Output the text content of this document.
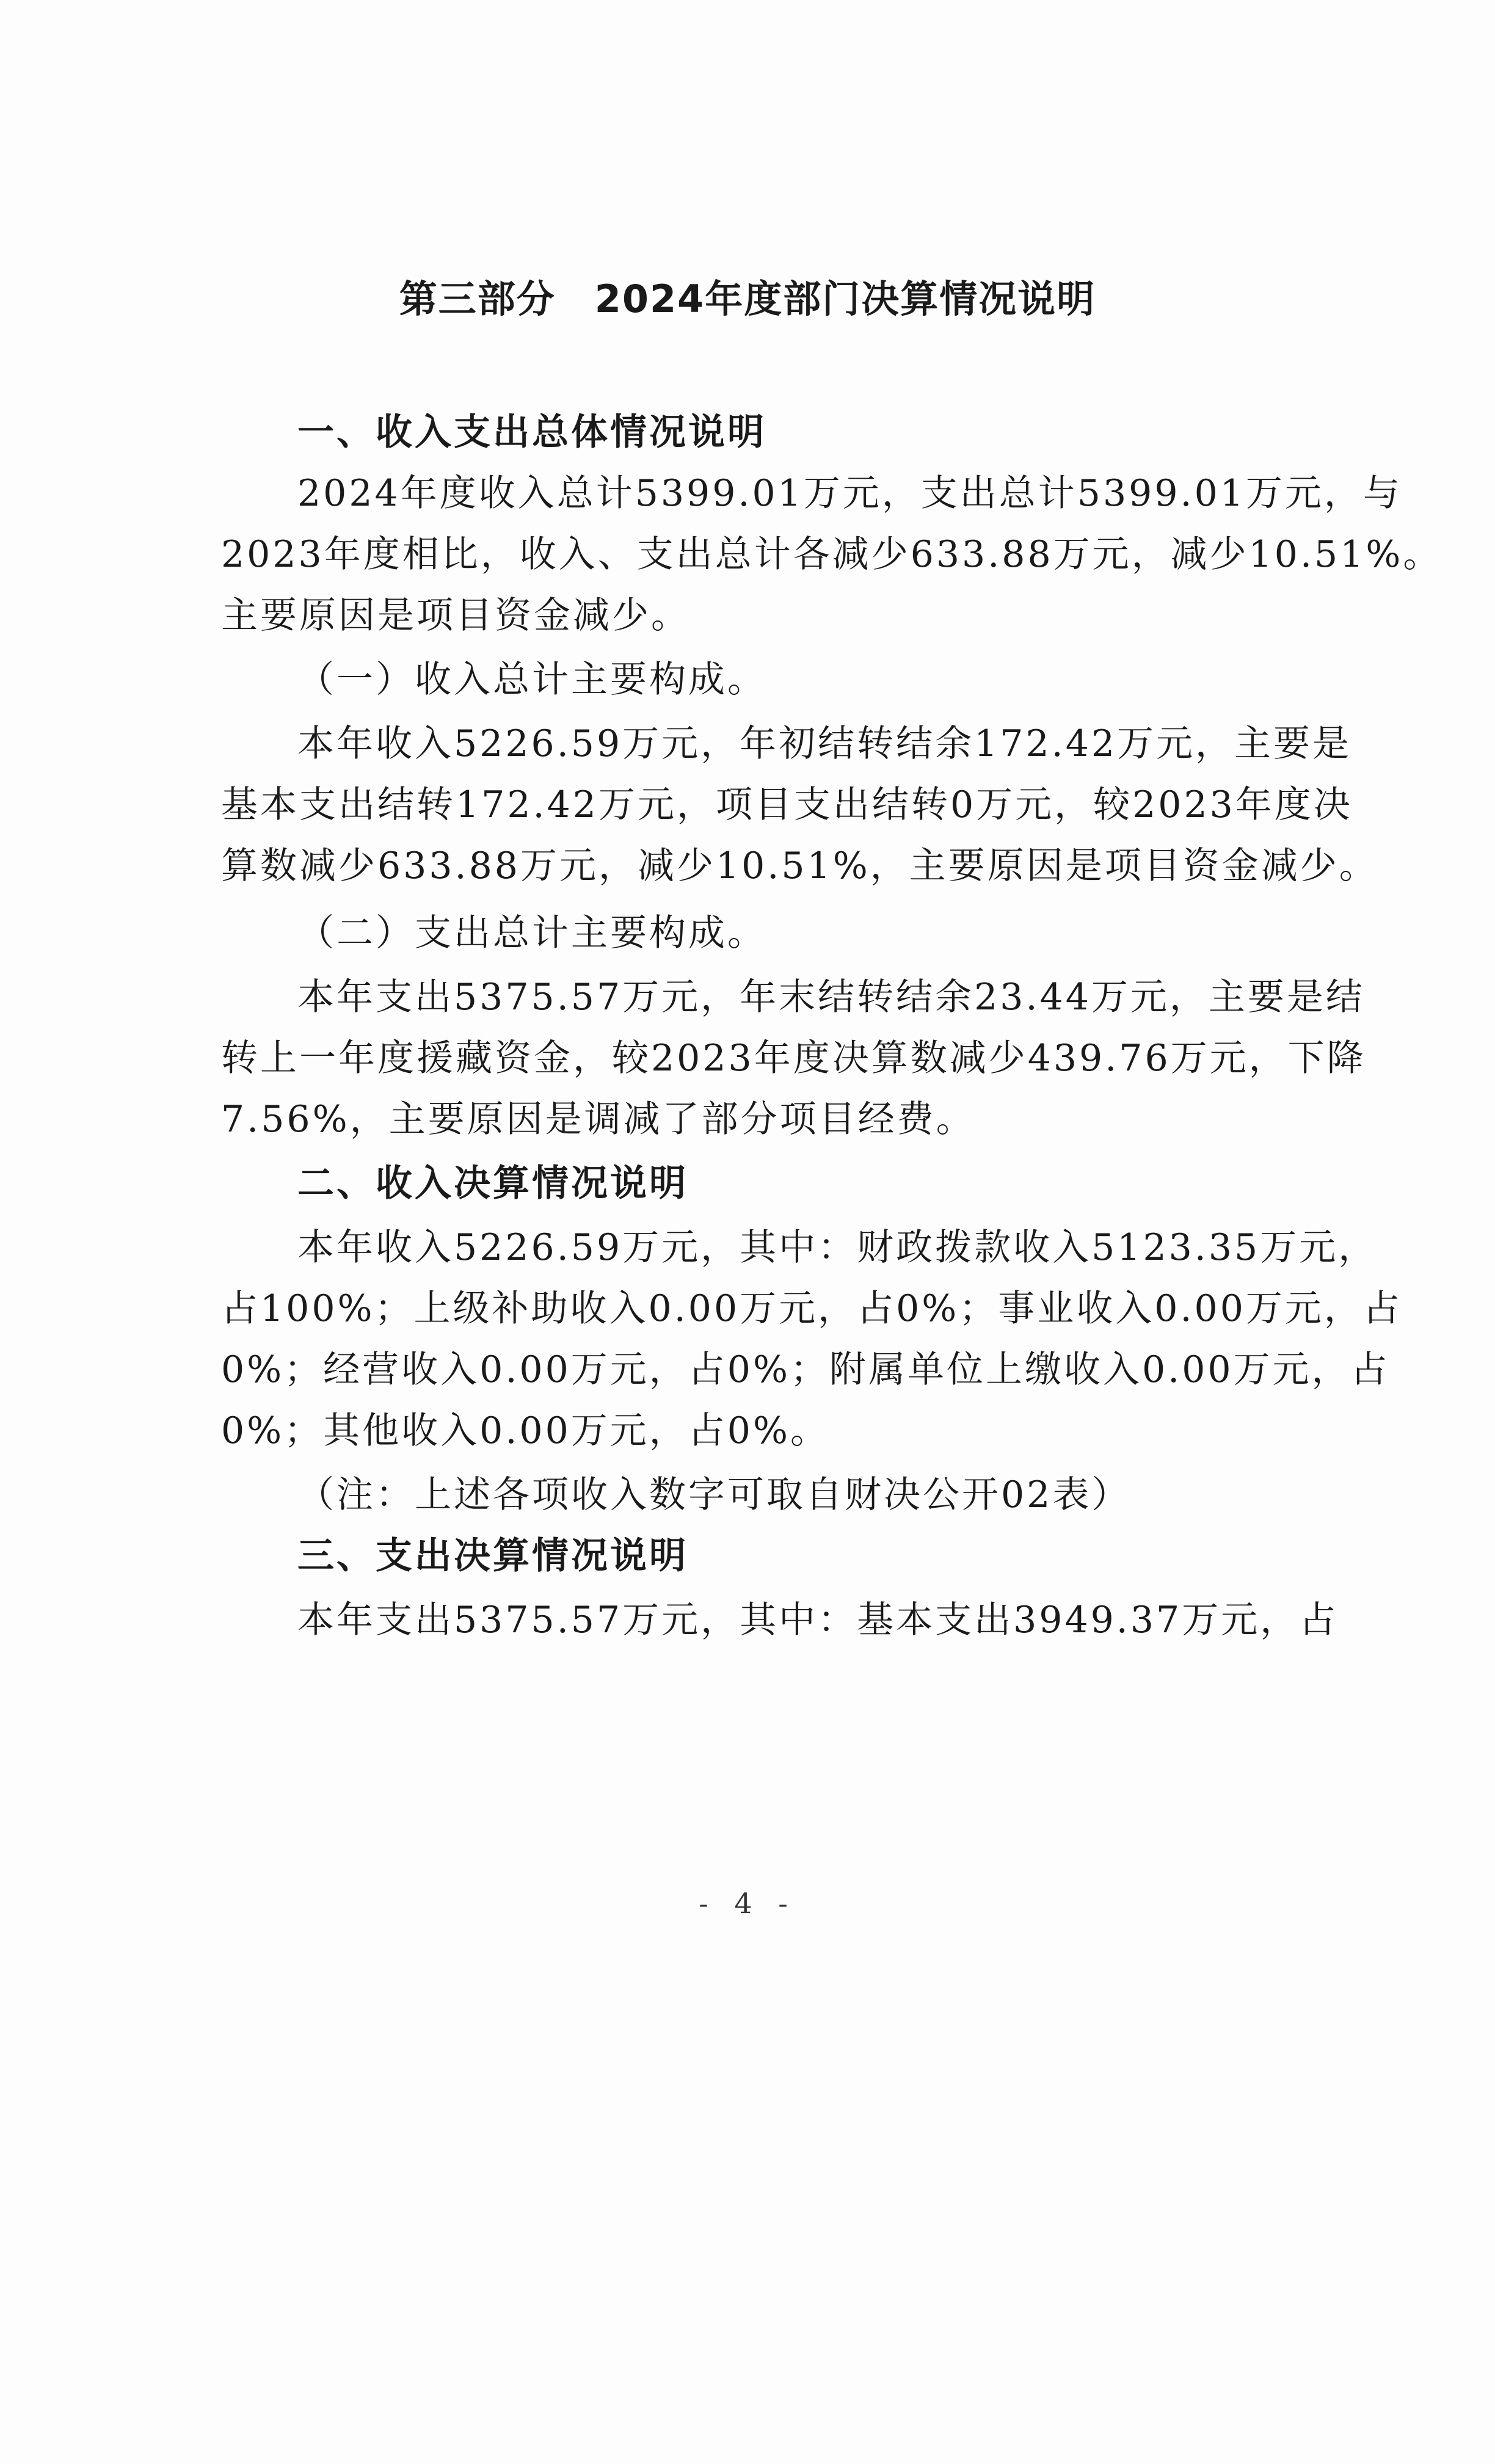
第三部分　2024年度部门决算情况说明
一、收入支出总体情况说明
2024年度收入总计5399.01万元，支出总计5399.01万元，与
2023年度相比，收入、支出总计各减少633.88万元，减少10.51%。
主要原因是项目资金减少。
（一）收入总计主要构成。
本年收入5226.59万元，年初结转结余172.42万元，主要是
基本支出结转172.42万元，项目支出结转0万元，较2023年度决
算数减少633.88万元，减少10.51%，主要原因是项目资金减少。
（二）支出总计主要构成。
本年支出5375.57万元，年末结转结余23.44万元，主要是结
转上一年度援藏资金，较2023年度决算数减少439.76万元，下降
7.56%，主要原因是调减了部分项目经费。
二、收入决算情况说明
本年收入5226.59万元，其中：财政拨款收入5123.35万元，
占100%；上级补助收入0.00万元，占0%；事业收入0.00万元，占
0%；经营收入0.00万元，占0%；附属单位上缴收入0.00万元，占
0%；其他收入0.00万元，占0%。
（注：上述各项收入数字可取自财决公开02表）
三、支出决算情况说明
本年支出5375.57万元，其中：基本支出3949.37万元，占
- 4 -
